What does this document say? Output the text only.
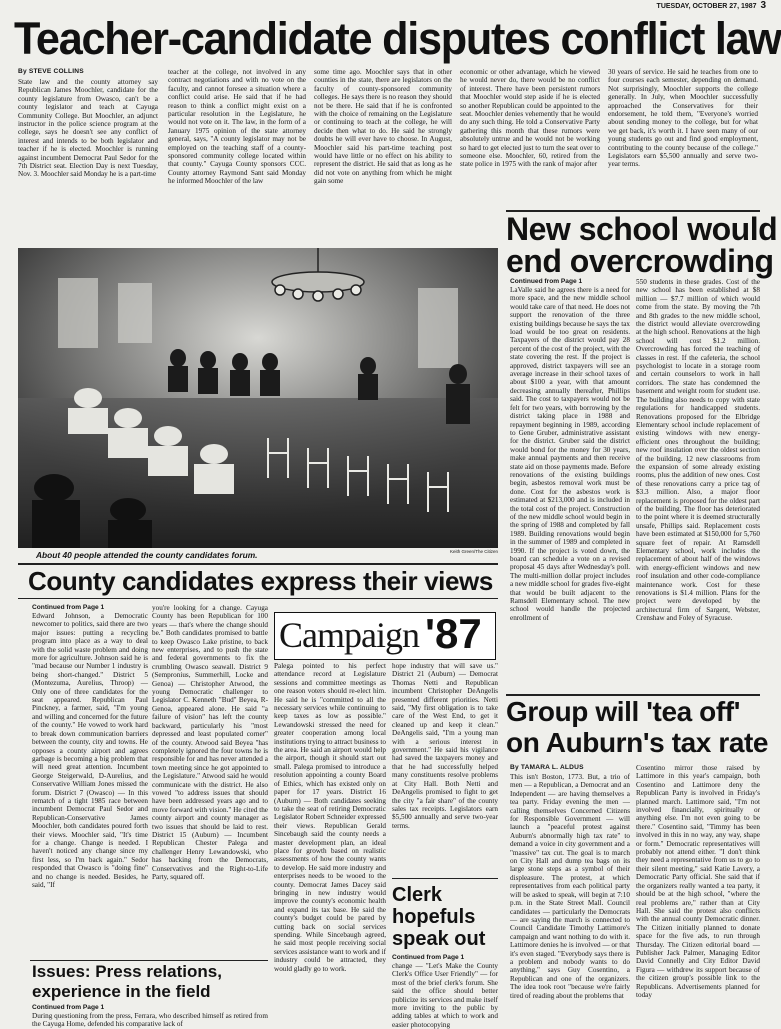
TUESDAY, OCTOBER 27, 1987 3
Teacher-candidate disputes conflict law
By STEVE COLLINS
State law and the county attorney say Republican James Moochler, candidate for the county legislature from Owasco, can't be a county legislator and teach at Cayuga Community College. But Moochler, an adjunct instructor in the police science program at the college, says he doesn't see any conflict of interest and intends to be both legislator and teacher if he is elected. Moochler is running against incumbent Democrat Paul Sedor for the 7th District seat. Election Day is next Tuesday, Nov. 3. Moochler said Monday he is a part-time
teacher at the college, not involved in any contract negotiations and with no vote on the faculty, and cannot foresee a situation where a conflict could arise. He said that if he had reason to think a conflict might exist on a particular resolution in the Legislature, he would not vote on it. The law, in the form of a January 1975 opinion of the state attorney general, says, "A county legislator may not be employed on the teaching staff of a county-sponsored community college located within that county." Cayuga County sponsors CCC. County attorney Raymond Sant said Monday he informed Moochler of the law
some time ago. Moochler says that in other counties in the state, there are legislators on the faculty of county-sponsored community colleges. He says there is no reason they should not be there. He said that if he is confronted with the choice of remaining on the Legislature or continuing to teach at the college, he will decide then what to do. He said he strongly doubts he will ever have to choose. In August, Moochler said his part-time teaching post would have little or no effect on his ability to represent the district. He said that as long as he did not vote on anything from which he might gain some
economic or other advantage, which he viewed he would never do, there would be no conflict of interest. There have been persistent rumors that Moochler would step aside if he is elected so another Republican could be appointed to the seat. Moochler denies vehemently that he would do any such thing. He told a Conservative Party gathering this month that these rumors were absolutely untrue and he would not be working so hard to get elected just to turn the seat over to someone else. Moochler, 60, retired from the state police in 1975 with the rank of major after
30 years of service. He said he teaches from one to four courses each semester, depending on demand. Not surprisingly, Moochler supports the college generally. In July, when Moochler successfully approached the Conservatives for their endorsement, he told them, "Everyone's worried about sending money to the college, but for what we get back, it's worth it. I have seen many of our young students go out and find good employment, contributing to the county because of the college." Legislators earn $5,500 annually and serve two-year terms.
Keith Green/The Citizen
About 40 people attended the county candidates forum.
New school would
end overcrowding
Continued from Page 1
LaValle said he agrees there is a need for more space, and the new middle school would take care of that need. He does not support the renovation of the three existing buildings because he says the tax load would be too great on residents. Taxpayers of the district would pay 28 percent of the cost of the project, with the state covering the rest. If the project is approved, district taxpayers will see an average increase in their school taxes of about $100 a year, with that amount decreasing annually thereafter, Phillips said. The cost to taxpayers would not be felt for two years, with borrowing by the district taking place in 1988 and repayment beginning in 1989, according to Gene Gruber, administrative assistant for the district. Gruber said the district would bond for the money for 30 years, make annual payments and then receive state aid on those payments made. Before renovations of the existing buildings begin, asbestos removal work must be done. Cost for the asbestos work is estimated at $213,000 and is included in the total cost of the project. Construction of the new middle school would begin in the spring of 1988 and completed by fall 1989. Building renovations would begin in the summer of 1989 and completed in 1990. If the project is voted down, the board can schedule a vote on a revised proposal 45 days after Wednesday's poll. The multi-million dollar project includes a new middle school for grades five-eight that would be built adjacent to the Ramsdell Elementary school. The new school would handle the projected enrollment of
550 students in these grades. Cost of the new school has been established at $8 million — $7.7 million of which would come from the state. By moving the 7th and 8th grades to the new middle school, the district would alleviate overcrowding at the high school. Renovations at the high school will cost $1.2 million. Overcrowding has forced the teaching of classes in rest. If the cafeteria, the school psychologist to locate in a storage room and certain counselors to work in hall corridors. The state has condemned the basement and weight room for student use. The building also needs to copy with state regulations for handicapped students. Renovations proposed for the Elbridge Elementary school include replacement of existing windows with new energy-efficient ones throughout the building; new roof insulation over the oldest section of the building. 12 new classrooms from the expansion of some already existing rooms, plus the addition of new ones. Cost of these renovations carry a price tag of $3.3 million. Also, a major floor replacement is proposed for the oldest part of the building. The floor has deteriorated to the point where it is deemed structurally unsafe, Phillips said. Replacement costs have been estimated at $150,000 for 5,760 square feet of repair. At Ramsdell Elementary school, work includes the replacement of about half of the windows with energy-efficient windows and new roof insulation and other code-compliance maintenance work. Cost for these renovations is $1.4 million. Plans for the project were developed by the architectural firm of Sargent, Webster, Crenshaw and Foley of Syracuse.
County candidates express their views
Continued from Page 1
Edward Johnson, a Democratic newcomer to politics, said there are two major issues: putting a recycling program into place as a way to deal with the solid waste problem and doing more for agriculture. Johnson said he is "mad because our Number 1 industry is being short-changed." District 5 (Montezuma, Aurelius, Throop) — Only one of three candidates for the seat appeared. Republican Paul Pinckney, a farmer, said, "I'm young and willing and concerned for the future of the county." He vowed to work hard to break down communication barriers between the county, city and towns. He opposes a county airport and agrees garbage is becoming a big problem that will need great attention. Incumbent George Steigerwald, D-Aurelius, and Conservative William Jones missed the forum. District 7 (Owasco) — In this rematch of a tight 1985 race between incumbent Democrat Paul Sedor and Republican-Conservative James Moochler, both candidates poured forth their views. Moochler said, "It's time for a change. Change is needed. I haven't noticed any change since my first less, so I'm back again." Sedor responded that Owasco is "doing fine" and no change is needed. Besides, he said, "If
you're looking for a change. Cayuga County has been Republican for 100 years — that's where the change should be." Both candidates promised to battle to keep Owasco Lake pristine, to back new enterprises, and to push the state and federal governments to fix the crumbling Owasco seawall. District 9 (Sempronius, Summerhill, Locke and Genoa) — Christopher Atwood, the young Democratic challenger to Legislator C. Kenneth "Bud" Beyea, R-Genoa, appeared alone. He said "a failure of vision" has left the county backward, particularly his "most depressed and least populated corner" of the county. Atwood said Beyea "has completely ignored the four towns he is responsible for and has never attended a town meeting since he got appointed to the Legislature." Atwood said he would communicate with the district. He also vowed "to address issues that should have been addressed years ago and to move forward with vision." He cited the county airport and county manager as two issues that should be laid to rest. District 15 (Auburn) — Incumbent Republican Chester Palega and challenger Henry Lewandowski, who has backing from the Democrats, Conservatives and the Right-to-Life Party, squared off.
Campaign '87
Palega pointed to his perfect attendance record at Legislature sessions and committee meetings as one reason voters should re-elect him. He said he is "committed to all the necessary services while continuing to keep taxes as low as possible." Lewandowski stressed the need for greater cooperation among local institutions trying to attract business to the area. He said an airport would help the airport, though it should start out small. Palega promised to introduce a resolution appointing a county Board of Ethics, which has existed only on paper for 17 years. District 16 (Auburn) — Both candidates seeking to take the seat of retiring Democratic Legislator Robert Schneider expressed their views. Republican Gerald Sincebaugh said the county needs a master development plan, an ideal place for growth based on realistic assessments of how the county wants to develop. He said more industry and enterprises needs to be wooed to the county. Democrat James Dacey said bringing in new industry would improve the county's economic health and expand its tax base. He said the county's budget could be pared by cutting back on social services spending. While Sincebaugh agreed, he said most people receiving social services assistance want to work and if industry could be attracted, they would gladly go to work.
hope industry that will save us." District 21 (Auburn) — Democrat Thomas Netti and Republican incumbent Christopher DeAngelis presented different priorities. Netti said, "My first obligation is to take care of the West End, to get it cleaned up and keep it clean." DeAngelis said, "I'm a young man with a serious interest in government." He said his vigilance had saved the taxpayers money and that he had successfully helped many constituents resolve problems at City Hall. Both Netti and DeAngelis promised to fight to get the city "a fair share" of the county sales tax receipts. Legislators earn $5,500 annually and serve two-year terms.
Clerk hopefuls speak out
Continued from Page 1
change — "Let's Make the County Clerk's Office User Friendly" — for most of the brief clerk's forum. She said the office should better publicize its services and make itself more inviting to the public by adding tables at which to work and easier photocopying
Issues: Press relations,
experience in the field
Continued from Page 1
During questioning from the press, Ferrara, who described himself as retired from the Cayuga Home, defended his comparative lack of
Group will 'tea off'
on Auburn's tax rate
By TAMARA L. ALDUS
This isn't Boston, 1773. But, a trio of men — a Republican, a Democrat and an Independent — are having themselves a tea party. Friday evening the men — calling themselves Concerned Citizens for Responsible Government — will launch a "peaceful protest against Auburn's abnormally high tax rate" to demand a voice in city government and a "massive" tax cut. The goal is to march on City Hall and dump tea bags on its large stone steps as a symbol of their displeasure. The protest, at which representatives from each political party will be asked to speak, will begin at 7:10 p.m. in the State Street Mall. Council candidates — particularly the Democrats — are saying the march is connected to Council Candidate Timothy Lattimore's campaign and want nothing to do with it. Lattimore denies he is involved — or that it's even staged. "Everybody says there is a problem and nobody wants to do anything," says Guy Cosentino, a Republican and one of the organizers. The idea took root "because we're fairly tired of reading about the problems that
Cosentino mirror those raised by Lattimore in this year's campaign, both Cosentino and Lattimore deny the Republican Party is involved in Friday's planned march. Lattimore said, "I'm not involved financially, spiritually or anything else. I'm not even going to be there." Cosentino said, "Timmy has been involved in this in no way, any way, shape or form." Democratic representatives will probably not attend either. "I don't think they need a representative from us to go to their silent meeting," said Katie Lavery, a Democratic Party official. She said that if the organizers really wanted a tea party, it should be at the high school, "where the real problems are," rather than at City Hall. She said the protest also conflicts with the annual county Democratic dinner. The Citizen initially planned to donate space for the five ads, to run through Thursday. The Citizen editorial board — Publisher Jack Palmer, Managing Editor David Connelly and City Editor David Figura — withdrew its support because of the citizen group's possible link to the Republicans. Advertisements planned for today
